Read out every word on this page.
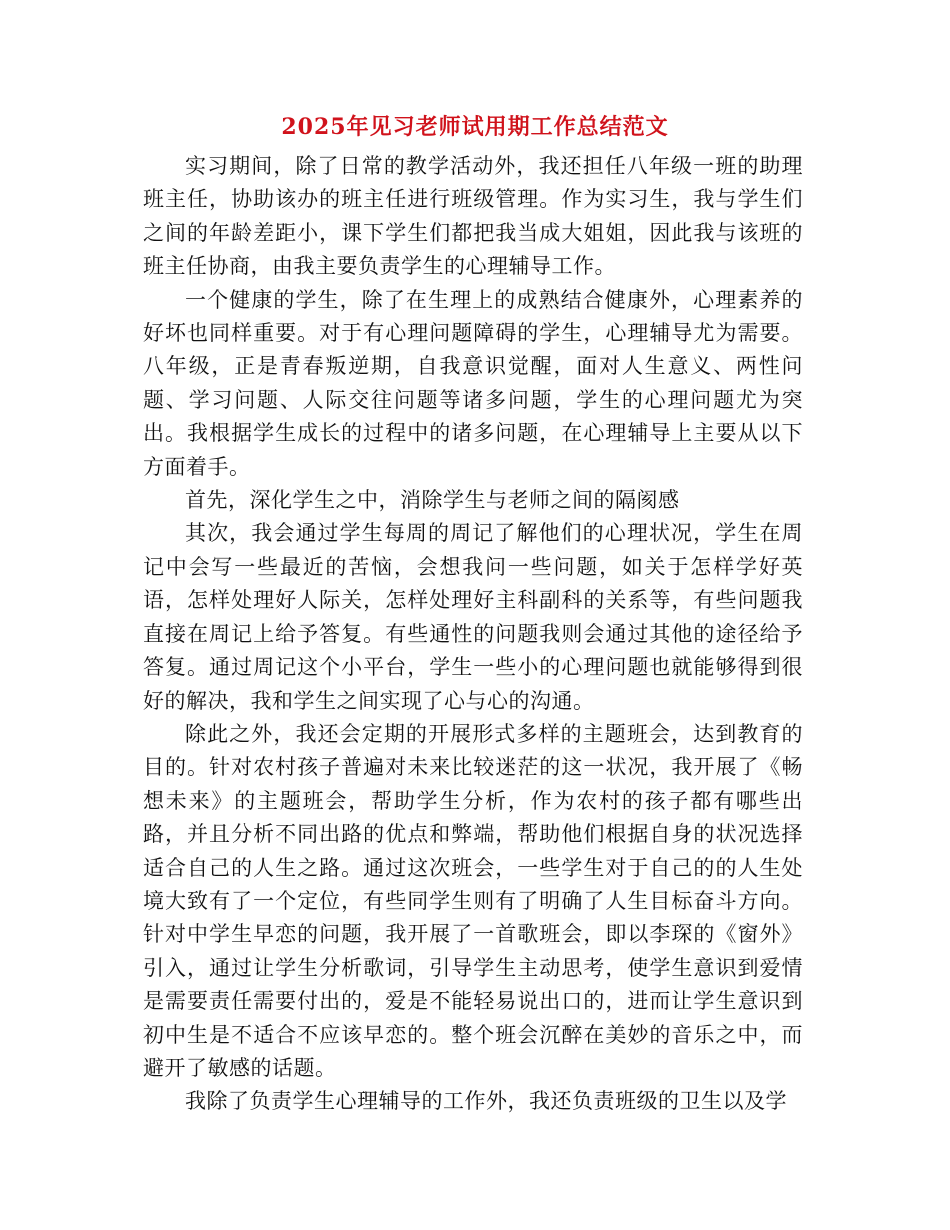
2025年见习老师试用期工作总结范文

实习期间，除了日常的教学活动外，我还担任八年级一班的助理班主任，协助该办的班主任进行班级管理。作为实习生，我与学生们之间的年龄差距小，课下学生们都把我当成大姐姐，因此我与该班的班主任协商，由我主要负责学生的心理辅导工作。

一个健康的学生，除了在生理上的成熟结合健康外，心理素养的好坏也同样重要。对于有心理问题障碍的学生，心理辅导尤为需要。八年级，正是青春叛逆期，自我意识觉醒，面对人生意义、两性问题、学习问题、人际交往问题等诸多问题，学生的心理问题尤为突出。我根据学生成长的过程中的诸多问题，在心理辅导上主要从以下方面着手。

首先，深化学生之中，消除学生与老师之间的隔阂感

其次，我会通过学生每周的周记了解他们的心理状况，学生在周记中会写一些最近的苦恼，会想我问一些问题，如关于怎样学好英语，怎样处理好人际关，怎样处理好主科副科的关系等，有些问题我直接在周记上给予答复。有些通性的问题我则会通过其他的途径给予答复。通过周记这个小平台，学生一些小的心理问题也就能够得到很好的解决，我和学生之间实现了心与心的沟通。

除此之外，我还会定期的开展形式多样的主题班会，达到教育的目的。针对农村孩子普遍对未来比较迷茫的这一状况，我开展了《畅想未来》的主题班会，帮助学生分析，作为农村的孩子都有哪些出路，并且分析不同出路的优点和弊端，帮助他们根据自身的状况选择适合自己的人生之路。通过这次班会，一些学生对于自己的的人生处境大致有了一个定位，有些同学生则有了明确了人生目标奋斗方向。针对中学生早恋的问题，我开展了一首歌班会，即以李琛的《窗外》引入，通过让学生分析歌词，引导学生主动思考，使学生意识到爱情是需要责任需要付出的，爱是不能轻易说出口的，进而让学生意识到初中生是不适合不应该早恋的。整个班会沉醉在美妙的音乐之中，而避开了敏感的话题。

我除了负责学生心理辅导的工作外，我还负责班级的卫生以及学
